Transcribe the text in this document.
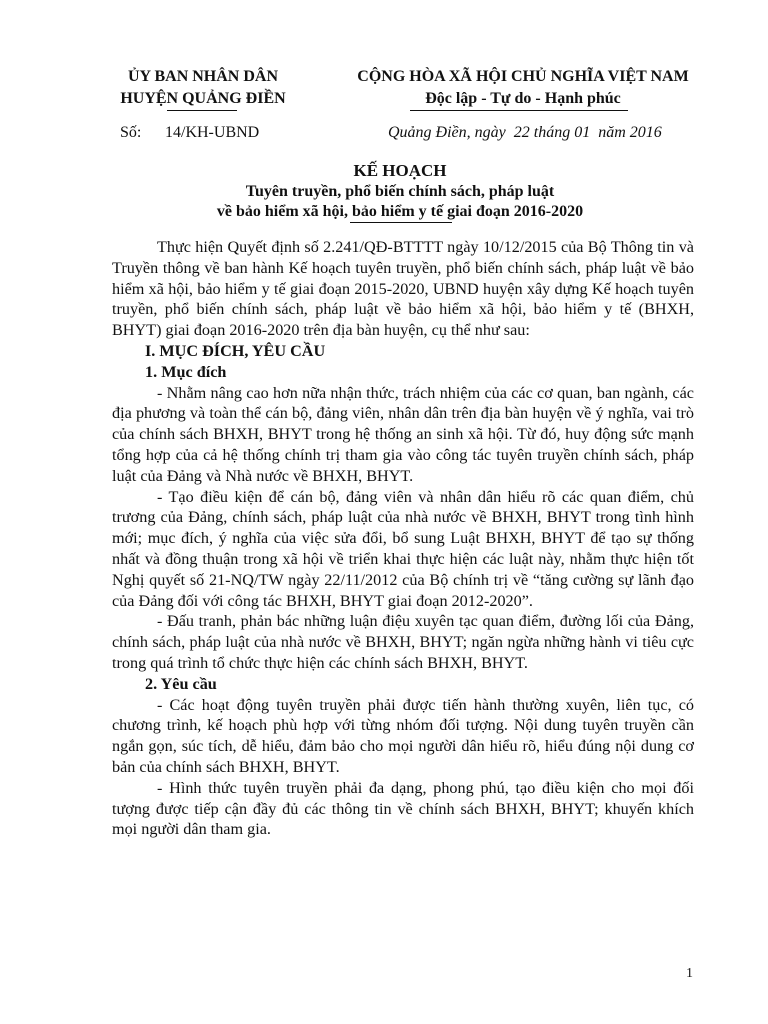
ỦY BAN NHÂN DÂN
HUYỆN QUẢNG ĐIỀN
CỘNG HÒA XÃ HỘI CHỦ NGHĨA VIỆT NAM
Độc lập - Tự do - Hạnh phúc
Số: 14/KH-UBND	Quảng Điền, ngày  22 tháng 01  năm 2016
KẾ HOẠCH
Tuyên truyền, phổ biến chính sách, pháp luật
về bảo hiểm xã hội, bảo hiểm y tế giai đoạn 2016-2020

Thực hiện Quyết định số 2.241/QĐ-BTTTT ngày 10/12/2015 của Bộ Thông tin và Truyền thông về ban hành Kế hoạch tuyên truyền, phổ biến chính sách, pháp luật về bảo hiểm xã hội, bảo hiểm y tế giai đoạn 2015-2020, UBND huyện xây dựng Kế hoạch tuyên truyền, phổ biến chính sách, pháp luật về bảo hiểm xã hội, bảo hiểm y tế (BHXH, BHYT) giai đoạn 2016-2020 trên địa bàn huyện, cụ thể như sau:

I. MỤC ĐÍCH, YÊU CẦU

1. Mục đích

- Nhằm nâng cao hơn nữa nhận thức, trách nhiệm của các cơ quan, ban ngành, các địa phương và toàn thể cán bộ, đảng viên, nhân dân trên địa bàn huyện về ý nghĩa, vai trò của chính sách BHXH, BHYT trong hệ thống an sinh xã hội. Từ đó, huy động sức mạnh tổng hợp của cả hệ thống chính trị tham gia vào công tác tuyên truyền chính sách, pháp luật của Đảng và Nhà nước về BHXH, BHYT.

- Tạo điều kiện để cán bộ, đảng viên và nhân dân hiểu rõ các quan điểm, chủ trương của Đảng, chính sách, pháp luật của nhà nước về BHXH, BHYT trong tình hình mới; mục đích, ý nghĩa của việc sửa đổi, bổ sung Luật BHXH, BHYT để tạo sự thống nhất và đồng thuận trong xã hội về triển khai thực hiện các luật này, nhằm thực hiện tốt Nghị quyết số 21-NQ/TW ngày 22/11/2012 của Bộ chính trị về “tăng cường sự lãnh đạo của Đảng đối với công tác BHXH, BHYT giai đoạn 2012-2020”.

- Đấu tranh, phản bác những luận điệu xuyên tạc quan điểm, đường lối của Đảng, chính sách, pháp luật của nhà nước về BHXH, BHYT; ngăn ngừa những hành vi tiêu cực trong quá trình tổ chức thực hiện các chính sách BHXH, BHYT.

2. Yêu cầu

- Các hoạt động tuyên truyền phải được tiến hành thường xuyên, liên tục, có chương trình, kế hoạch phù hợp với từng nhóm đối tượng. Nội dung tuyên truyền cần ngắn gọn, súc tích, dễ hiểu, đảm bảo cho mọi người dân hiểu rõ, hiểu đúng nội dung cơ bản của chính sách BHXH, BHYT.

- Hình thức tuyên truyền phải đa dạng, phong phú, tạo điều kiện cho mọi đối tượng được tiếp cận đầy đủ các thông tin về chính sách BHXH, BHYT; khuyến khích mọi người dân tham gia.

1
